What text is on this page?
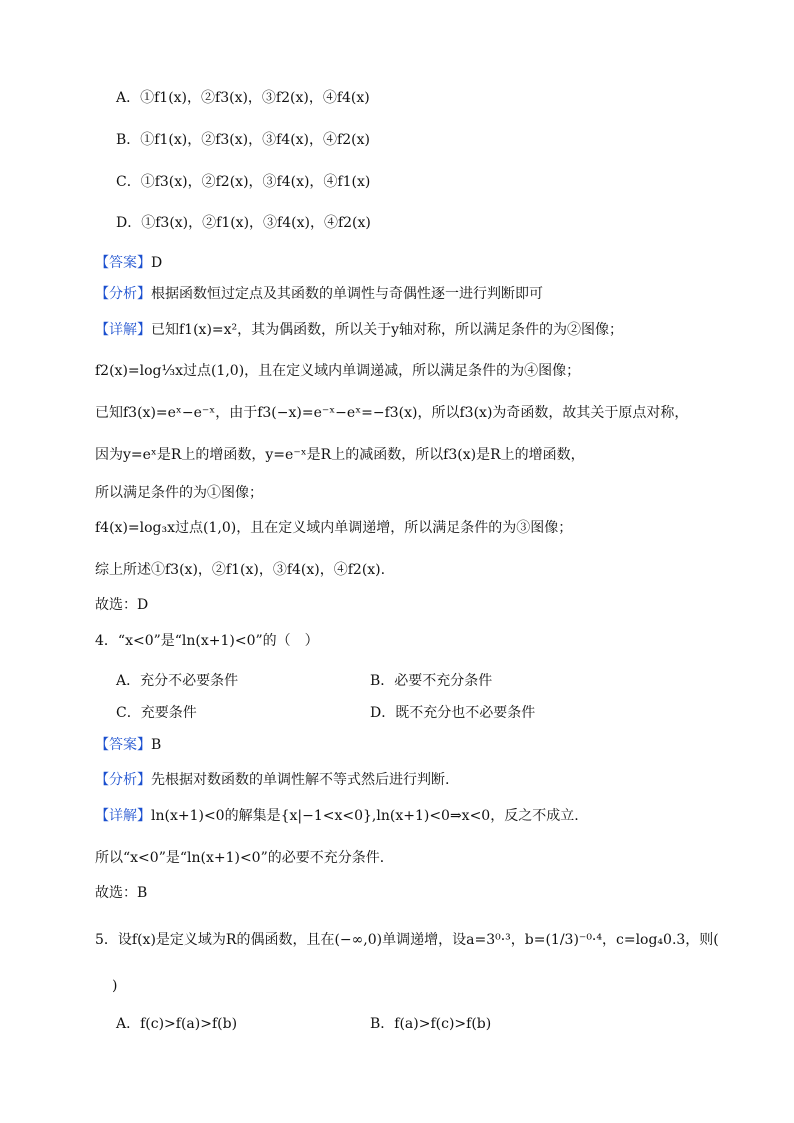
A．①f1(x)，②f3(x)，③f2(x)，④f4(x)
B．①f1(x)，②f3(x)，③f4(x)，④f2(x)
C．①f3(x)，②f2(x)，③f4(x)，④f1(x)
D．①f3(x)，②f1(x)，③f4(x)，④f2(x)
【答案】D
【分析】根据函数恒过定点及其函数的单调性与奇偶性逐一进行判断即可
【详解】已知f1(x)=x²，其为偶函数，所以关于y轴对称，所以满足条件的为②图像；
f2(x)=log⅓x过点(1,0)，且在定义域内单调递减，所以满足条件的为④图像；
已知f3(x)=eˣ−e⁻ˣ，由于f3(−x)=e⁻ˣ−eˣ=−f3(x)，所以f3(x)为奇函数，故其关于原点对称，
因为y=eˣ是R上的增函数，y=e⁻ˣ是R上的减函数，所以f3(x)是R上的增函数，
所以满足条件的为①图像；
f4(x)=log₃x过点(1,0)，且在定义域内单调递增，所以满足条件的为③图像；
综上所述①f3(x)，②f1(x)，③f4(x)，④f2(x).
故选：D
4．“x<0”是“ln(x+1)<0”的（　）
A．充分不必要条件	B．必要不充分条件
C．充要条件	D．既不充分也不必要条件
【答案】B
【分析】先根据对数函数的单调性解不等式然后进行判断.
【详解】ln(x+1)<0的解集是{x|−1<x<0},ln(x+1)<0⇒x<0，反之不成立.
所以“x<0”是“ln(x+1)<0”的必要不充分条件．
故选：B
5．设f(x)是定义域为R的偶函数，且在(−∞,0)单调递增，设a=3⁰·³，b=(1/3)⁻⁰·⁴，c=log₄0.3，则(
)
A．f(c)>f(a)>f(b)	B．f(a)>f(c)>f(b)
